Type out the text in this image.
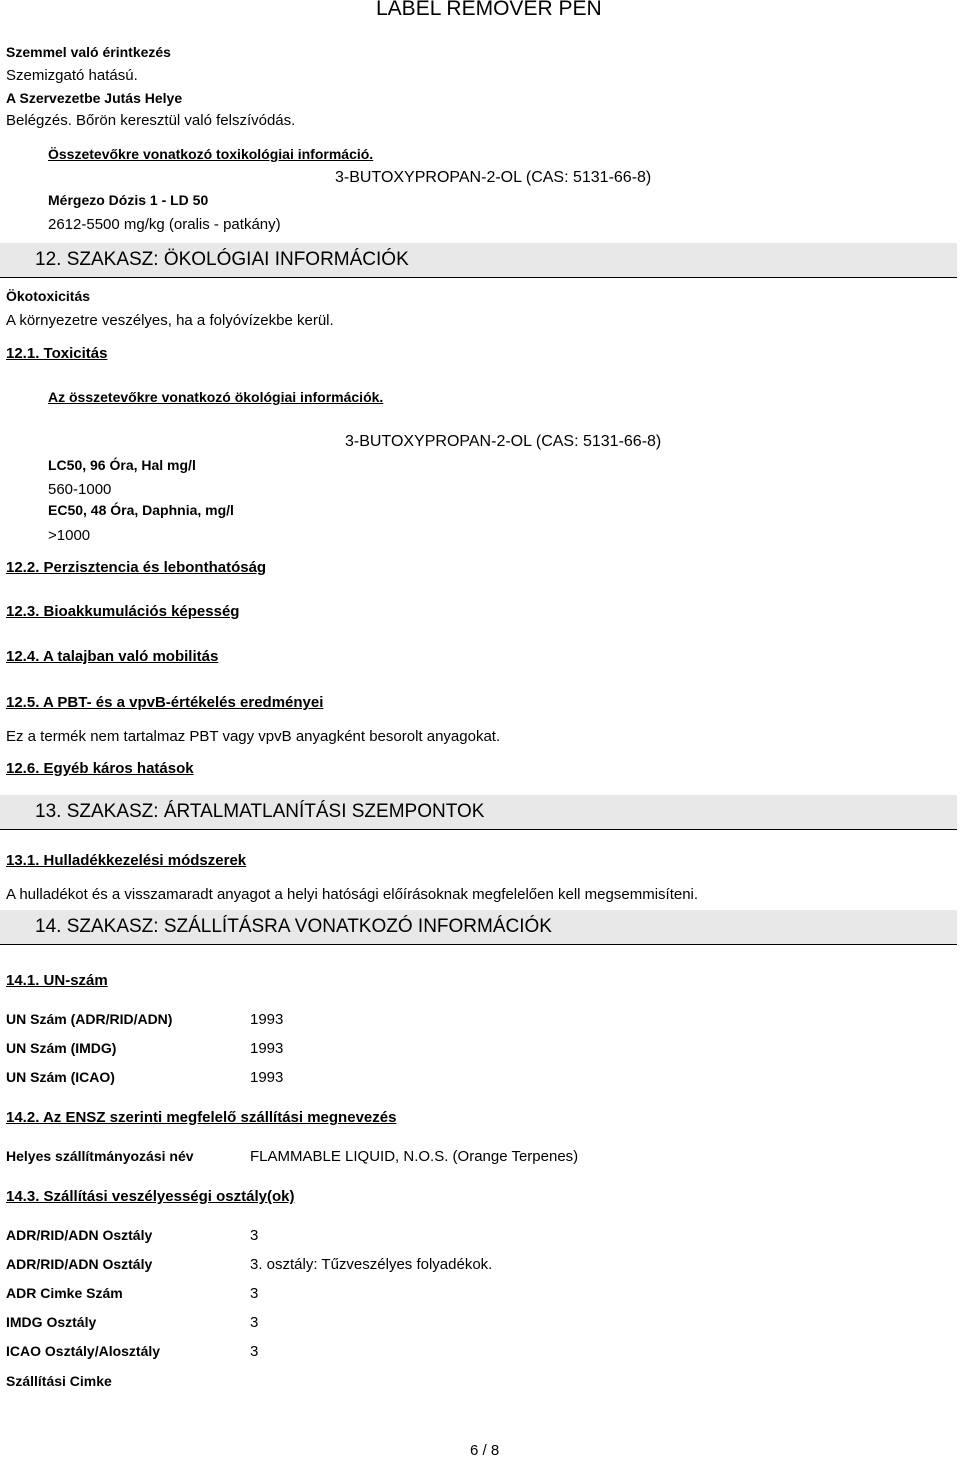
LABEL REMOVER PEN
Szemmel való érintkezés
Szemizgató hatású.
A Szervezetbe Jutás Helye
Belégzés. Bőrön keresztül való felszívódás.
Összetevőkre vonatkozó toxikológiai információ.
3-BUTOXYPROPAN-2-OL (CAS: 5131-66-8)
Mérgezo Dózis 1 - LD 50
2612-5500 mg/kg (oralis - patkány)
12. SZAKASZ: ÖKOLÓGIAI INFORMÁCIÓK
Ökotoxicitás
A környezetre veszélyes, ha a folyóvízekbe kerül.
12.1. Toxicitás
Az összetevőkre vonatkozó ökológiai információk.
3-BUTOXYPROPAN-2-OL (CAS: 5131-66-8)
LC50, 96 Óra, Hal mg/l
560-1000
EC50, 48 Óra, Daphnia, mg/l
>1000
12.2. Perzisztencia és lebonthatóság
12.3. Bioakkumulációs képesség
12.4. A talajban való mobilitás
12.5. A PBT- és a vpvB-értékelés eredményei
Ez a termék nem tartalmaz PBT vagy vpvB anyagként besorolt anyagokat.
12.6. Egyéb káros hatások
13. SZAKASZ: ÁRTALMATLANÍTÁSI SZEMPONTOK
13.1. Hulladékkezelési módszerek
A hulladékot és a visszamaradt anyagot a helyi hatósági előírásoknak megfelelően kell megsemmisíteni.
14. SZAKASZ: SZÁLLÍTÁSRA VONATKOZÓ INFORMÁCIÓK
14.1. UN-szám
UN Szám (ADR/RID/ADN)	1993
UN Szám (IMDG)	1993
UN Szám (ICAO)	1993
14.2. Az ENSZ szerinti megfelelő szállítási megnevezés
Helyes szállítmányozási név	FLAMMABLE LIQUID, N.O.S. (Orange Terpenes)
14.3. Szállítási veszélyességi osztály(ok)
ADR/RID/ADN Osztály	3
ADR/RID/ADN Osztály	3. osztály: Tűzveszélyes folyadékok.
ADR Cimke Szám	3
IMDG Osztály	3
ICAO Osztály/Alosztály	3
Szállítási Cimke
6 / 8
